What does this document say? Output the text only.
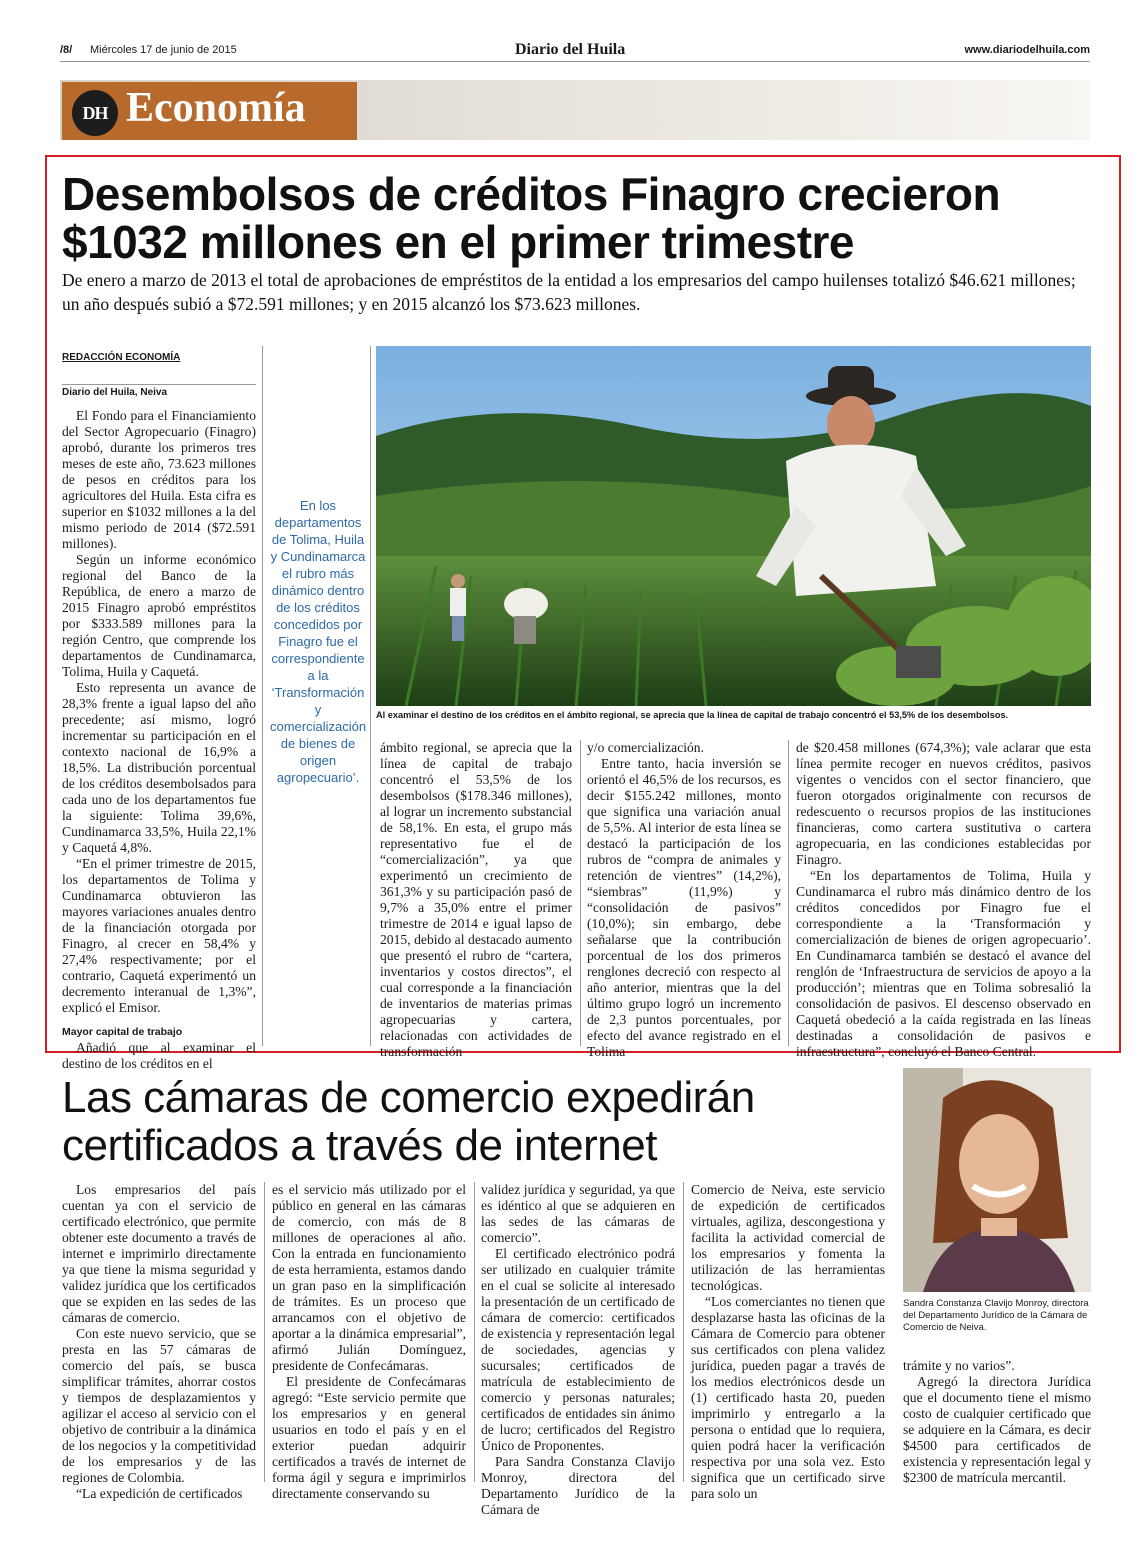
/8/ Miércoles 17 de junio de 2015	Diario del Huila	www.diariodelhuila.com
DH Economía
Desembolsos de créditos Finagro crecieron
$1032 millones en el primer trimestre
De enero a marzo de 2013 el total de aprobaciones de empréstitos de la entidad a los empresarios del campo huilenses totalizó $46.621 millones; un año después subió a $72.591 millones; y en 2015 alcanzó los $73.623 millones.
REDACCIÓN ECONOMÍA
Diario del Huila, Neiva

El Fondo para el Financiamiento del Sector Agropecuario (Finagro) aprobó, durante los primeros tres meses de este año, 73.623 millones de pesos en créditos para los agricultores del Huila. Esta cifra es superior en $1032 millones a la del mismo periodo de 2014 ($72.591 millones).

Según un informe económico regional del Banco de la República, de enero a marzo de 2015 Finagro aprobó empréstitos por $333.589 millones para la región Centro, que comprende los departamentos de Cundinamarca, Tolima, Huila y Caquetá.

Esto representa un avance de 28,3% frente a igual lapso del año precedente; así mismo, logró incrementar su participación en el contexto nacional de 16,9% a 18,5%. La distribución porcentual de los créditos desembolsados para cada uno de los departamentos fue la siguiente: Tolima 39,6%, Cundinamarca 33,5%, Huila 22,1% y Caquetá 4,8%.

“En el primer trimestre de 2015, los departamentos de Tolima y Cundinamarca obtuvieron las mayores variaciones anuales dentro de la financiación otorgada por Finagro, al crecer en 58,4% y 27,4% respectivamente; por el contrario, Caquetá experimentó un decremento interanual de 1,3%”, explicó el Emisor.

Mayor capital de trabajo

Añadió que al examinar el destino de los créditos en el

En los departamentos de Tolima, Huila y Cundinamarca el rubro más dinámico dentro de los créditos concedidos por Finagro fue el correspondiente a la ‘Transformación y comercialización de bienes de origen agropecuario’.
Al examinar el destino de los créditos en el ámbito regional, se aprecia que la línea de capital de trabajo concentró el 53,5% de los desembolsos.

ámbito regional, se aprecia que la línea de capital de trabajo concentró el 53,5% de los desembolsos ($178.346 millones), al lograr un incremento substancial de 58,1%. En esta, el grupo más representativo fue el de “comercialización”, ya que experimentó un crecimiento de 361,3% y su participación pasó de 9,7% a 35,0% entre el primer trimestre de 2014 e igual lapso de 2015, debido al destacado aumento que presentó el rubro de “cartera, inventarios y costos directos”, el cual corresponde a la financiación de inventarios de materias primas agropecuarias y cartera, relacionadas con actividades de transformación

y/o comercialización.

Entre tanto, hacia inversión se orientó el 46,5% de los recursos, es decir $155.242 millones, monto que significa una variación anual de 5,5%. Al interior de esta línea se destacó la participación de los rubros de “compra de animales y retención de vientres” (14,2%), “siembras” (11,9%) y “consolidación de pasivos” (10,0%); sin embargo, debe señalarse que la contribución porcentual de los dos primeros renglones decreció con respecto al año anterior, mientras que la del último grupo logró un incremento de 2,3 puntos porcentuales, por efecto del avance registrado en el Tolima

de $20.458 millones (674,3%); vale aclarar que esta línea permite recoger en nuevos créditos, pasivos vigentes o vencidos con el sector financiero, que fueron otorgados originalmente con recursos de redescuento o recursos propios de las instituciones financieras, como cartera sustitutiva o cartera agropecuaria, en las condiciones establecidas por Finagro.

“En los departamentos de Tolima, Huila y Cundinamarca el rubro más dinámico dentro de los créditos concedidos por Finagro fue el correspondiente a la ‘Transformación y comercialización de bienes de origen agropecuario’. En Cundinamarca también se destacó el avance del renglón de ‘Infraestructura de servicios de apoyo a la producción’; mientras que en Tolima sobresalió la consolidación de pasivos. El descenso observado en Caquetá obedeció a la caída registrada en las líneas destinadas a consolidación de pasivos e infraestructura”, concluyó el Banco Central.

Las cámaras de comercio expedirán
certificados a través de internet

Los empresarios del país cuentan ya con el servicio de certificado electrónico, que permite obtener este documento a través de internet e imprimirlo directamente ya que tiene la misma seguridad y validez jurídica que los certificados que se expiden en las sedes de las cámaras de comercio.

Con este nuevo servicio, que se presta en las 57 cámaras de comercio del país, se busca simplificar trámites, ahorrar costos y tiempos de desplazamientos y agilizar el acceso al servicio con el objetivo de contribuir a la dinámica de los negocios y la competitividad de los empresarios y de las regiones de Colombia.

“La expedición de certificados

es el servicio más utilizado por el público en general en las cámaras de comercio, con más de 8 millones de operaciones al año. Con la entrada en funcionamiento de esta herramienta, estamos dando un gran paso en la simplificación de trámites. Es un proceso que arrancamos con el objetivo de aportar a la dinámica empresarial”, afirmó Julián Domínguez, presidente de Confecámaras.

El presidente de Confecámaras agregó: “Este servicio permite que los empresarios y en general usuarios en todo el país y en el exterior puedan adquirir certificados a través de internet de forma ágil y segura e imprimirlos directamente conservando su

validez jurídica y seguridad, ya que es idéntico al que se adquieren en las sedes de las cámaras de comercio”.

El certificado electrónico podrá ser utilizado en cualquier trámite en el cual se solicite al interesado la presentación de un certificado de cámara de comercio: certificados de existencia y representación legal de sociedades, agencias y sucursales; certificados de matrícula de establecimiento de comercio y personas naturales; certificados de entidades sin ánimo de lucro; certificados del Registro Único de Proponentes.

Para Sandra Constanza Clavijo Monroy, directora del Departamento Jurídico de la Cámara de

Comercio de Neiva, este servicio de expedición de certificados virtuales, agiliza, descongestiona y facilita la actividad comercial de los empresarios y fomenta la utilización de las herramientas tecnológicas.

“Los comerciantes no tienen que desplazarse hasta las oficinas de la Cámara de Comercio para obtener sus certificados con plena validez jurídica, pueden pagar a través de los medios electrónicos desde un (1) certificado hasta 20, pueden imprimirlo y entregarlo a la persona o entidad que lo requiera, quien podrá hacer la verificación respectiva por una sola vez. Esto significa que un certificado sirve para solo un

Sandra Constanza Clavijo Monroy, directora del Departamento Jurídico de la Cámara de Comercio de Neiva.

trámite y no varios”.

Agregó la directora Jurídica que el documento tiene el mismo costo de cualquier certificado que se adquiere en la Cámara, es decir $4500 para certificados de existencia y representación legal y $2300 de matrícula mercantil.
